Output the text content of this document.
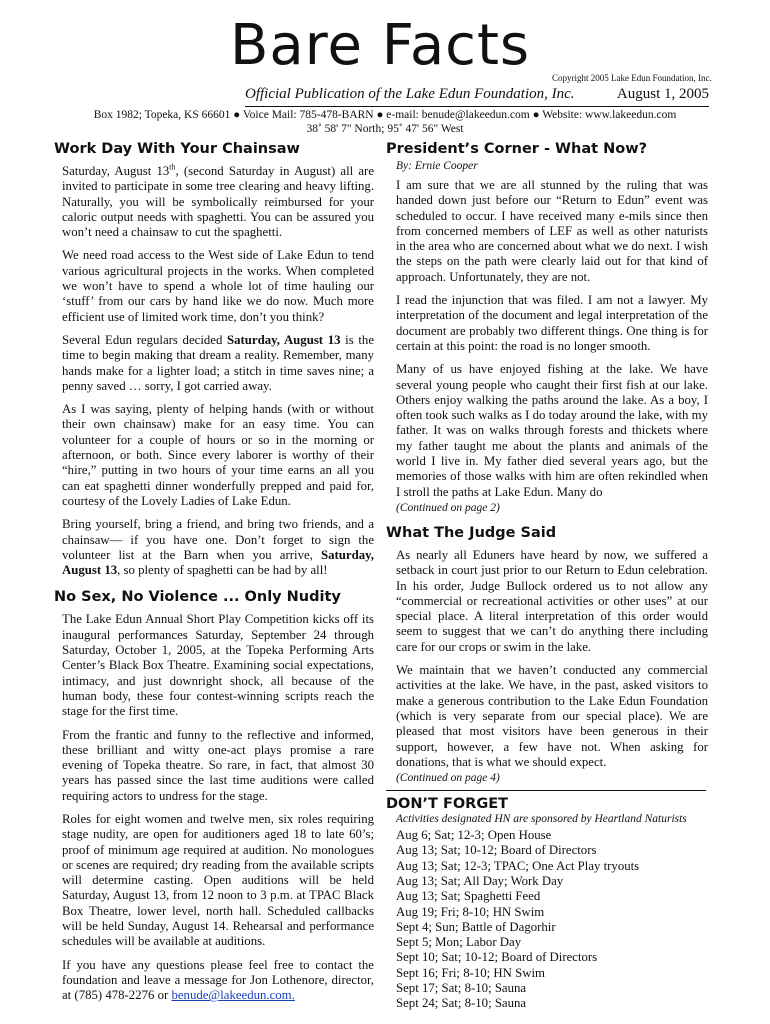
Bare Facts Copyright 2005 Lake Edun Foundation, Inc.
Official Publication of the Lake Edun Foundation, Inc.	August 1, 2005
Box 1982; Topeka, KS 66601 ● Voice Mail: 785-478-BARN ● e-mail: benude@lakeedun.com ● Website: www.lakeedun.com
38˚ 58' 7" North; 95˚ 47' 56" West
Work Day With Your Chainsaw

Saturday, August 13th, (second Saturday in August) all are invited to participate in some tree clearing and heavy lifting. Naturally, you will be symbolically reimbursed for your caloric output needs with spaghetti. You can be assured you won’t need a chainsaw to cut the spaghetti.

We need road access to the West side of Lake Edun to tend various agricultural projects in the works. When completed we won’t have to spend a whole lot of time hauling our ‘stuff’ from our cars by hand like we do now. Much more efficient use of limited work time, don’t you think?

Several Edun regulars decided Saturday, August 13 is the time to begin making that dream a reality. Remember, many hands make for a lighter load; a stitch in time saves nine; a penny saved … sorry, I got carried away.

As I was saying, plenty of helping hands (with or without their own chainsaw) make for an easy time. You can volunteer for a couple of hours or so in the morning or afternoon, or both. Since every laborer is worthy of their “hire,” putting in two hours of your time earns an all you can eat spaghetti dinner wonderfully prepped and paid for, courtesy of the Lovely Ladies of Lake Edun.

Bring yourself, bring a friend, and bring two friends, and a chainsaw— if you have one. Don’t forget to sign the volunteer list at the Barn when you arrive, Saturday, August 13, so plenty of spaghetti can be had by all!

No Sex, No Violence ... Only Nudity

The Lake Edun Annual Short Play Competition kicks off its inaugural performances Saturday, September 24 through Saturday, October 1, 2005, at the Topeka Performing Arts Center’s Black Box Theatre. Examining social expectations, intimacy, and just downright shock, all because of the human body, these four contest-winning scripts reach the stage for the first time.

From the frantic and funny to the reflective and informed, these brilliant and witty one-act plays promise a rare evening of Topeka theatre. So rare, in fact, that almost 30 years has passed since the last time auditions were called requiring actors to undress for the stage.

Roles for eight women and twelve men, six roles requiring stage nudity, are open for auditioners aged 18 to late 60’s; proof of minimum age required at audition. No monologues or scenes are required; dry reading from the available scripts will determine casting. Open auditions will be held Saturday, August 13, from 12 noon to 3 p.m. at TPAC Black Box Theatre, lower level, north hall. Scheduled callbacks will be held Sunday, August 14. Rehearsal and performance schedules will be available at auditions.

If you have any questions please feel free to contact the foundation and leave a message for Jon Lothenore, director, at (785) 478-2276 or benude@lakeedun.com.

President’s Corner - What Now?
By: Ernie Cooper

I am sure that we are all stunned by the ruling that was handed down just before our “Return to Edun” event was scheduled to occur. I have received many e-mils since then from concerned members of LEF as well as other naturists in the area who are concerned about what we do next. I wish the steps on the path were clearly laid out for that kind of approach. Unfortunately, they are not.

I read the injunction that was filed. I am not a lawyer. My interpretation of the document and legal interpretation of the document are probably two different things. One thing is for certain at this point: the road is no longer smooth.

Many of us have enjoyed fishing at the lake. We have several young people who caught their first fish at our lake. Others enjoy walking the paths around the lake. As a boy, I often took such walks as I do today around the lake, with my father. It was on walks through forests and thickets where my father taught me about the plants and animals of the world I live in. My father died several years ago, but the memories of those walks with him are often rekindled when I stroll the paths at Lake Edun. Many do

(Continued on page 2)
What The Judge Said

As nearly all Eduners have heard by now, we suffered a setback in court just prior to our Return to Edun celebration. In his order, Judge Bullock ordered us to not allow any “commercial or recreational activities or other uses” at our special place. A literal interpretation of this order would seem to suggest that we can’t do anything there including care for our crops or swim in the lake.

We maintain that we haven’t conducted any commercial activities at the lake. We have, in the past, asked visitors to make a generous contribution to the Lake Edun Foundation (which is very separate from our special place). We are pleased that most visitors have been generous in their support, however, a few have not. When asking for donations, that is what we should expect.

(Continued on page 4)
DON’T FORGET
Activities designated HN are sponsored by Heartland Naturists
Aug 6; Sat; 12-3; Open House
Aug 13; Sat; 10-12; Board of Directors
Aug 13; Sat; 12-3; TPAC; One Act Play tryouts
Aug 13; Sat; All Day; Work Day
Aug 13; Sat; Spaghetti Feed
Aug 19; Fri; 8-10; HN Swim
Sept 4; Sun; Battle of Dagorhir
Sept 5; Mon; Labor Day
Sept 10; Sat; 10-12; Board of Directors
Sept 16; Fri; 8-10; HN Swim
Sept 17; Sat; 8-10; Sauna
Sept 24; Sat; 8-10; Sauna
